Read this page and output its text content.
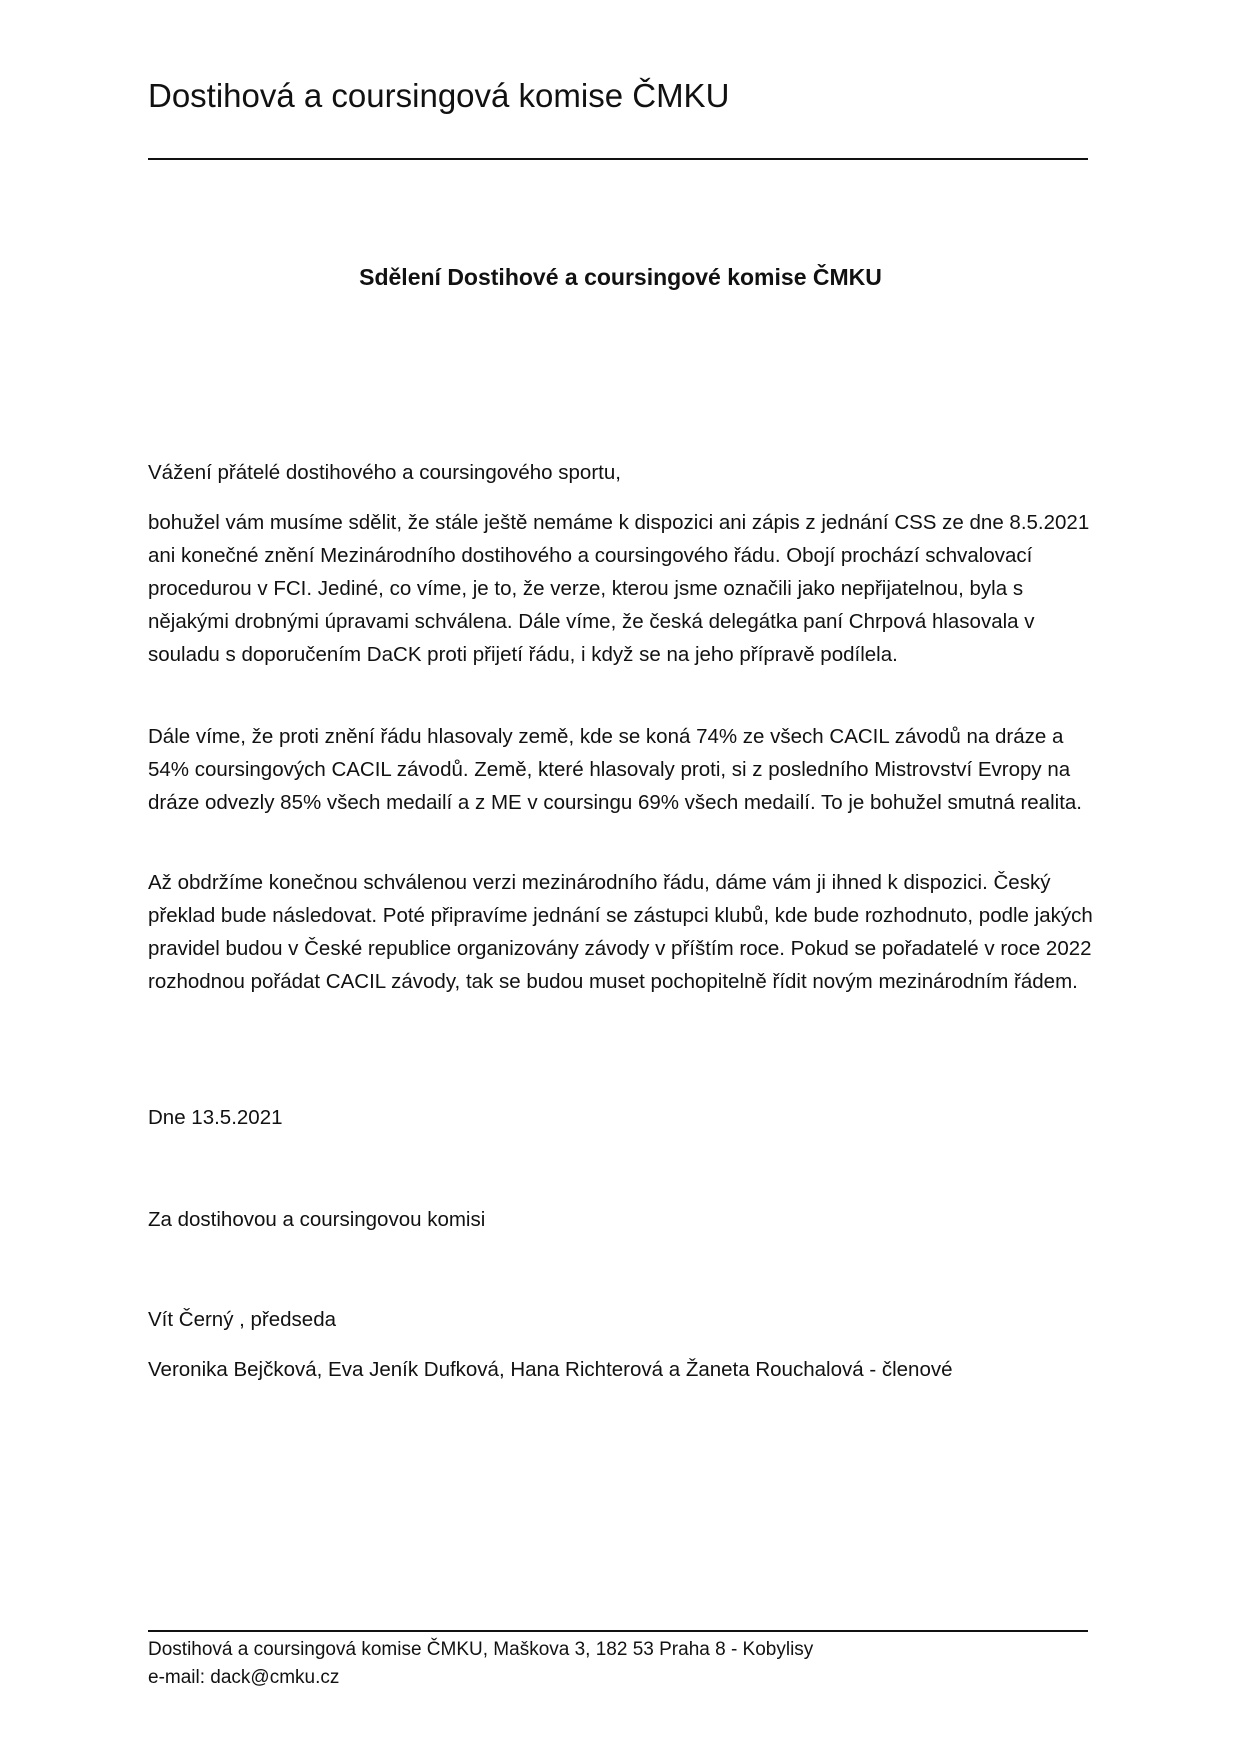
Dostihová a coursingová komise ČMKU
Sdělení Dostihové a coursingové komise ČMKU

Vážení přátelé dostihového a coursingového sportu,

bohužel vám musíme sdělit, že stále ještě nemáme k dispozici ani zápis z jednání CSS ze dne 8.5.2021 ani konečné znění Mezinárodního dostihového a coursingového řádu. Obojí prochází schvalovací procedurou v FCI. Jediné, co víme, je to, že verze, kterou jsme označili jako nepřijatelnou, byla s nějakými drobnými úpravami schválena. Dále víme, že česká delegátka paní Chrpová hlasovala v souladu s doporučením DaCK proti přijetí řádu, i když se na jeho přípravě podílela.

Dále víme, že proti znění řádu hlasovaly země, kde se koná 74% ze všech CACIL závodů na dráze a 54% coursingových CACIL závodů. Země, které hlasovaly proti, si z posledního Mistrovství Evropy na dráze odvezly 85% všech medailí a z ME v coursingu 69% všech medailí. To je bohužel smutná realita.

Až obdržíme konečnou schválenou verzi mezinárodního řádu, dáme vám ji ihned k dispozici. Český překlad bude následovat. Poté připravíme jednání se zástupci klubů, kde bude rozhodnuto, podle jakých pravidel budou v České republice organizovány závody v příštím roce. Pokud se pořadatelé v roce 2022 rozhodnou pořádat CACIL závody, tak se budou muset pochopitelně řídit novým mezinárodním řádem.

Dne 13.5.2021

Za dostihovou a coursingovou komisi

Vít Černý , předseda

Veronika Bejčková, Eva Jeník Dufková, Hana Richterová a Žaneta Rouchalová - členové

Dostihová a coursingová komise ČMKU, Maškova 3, 182 53 Praha 8 - Kobylisy

e-mail: dack@cmku.cz
